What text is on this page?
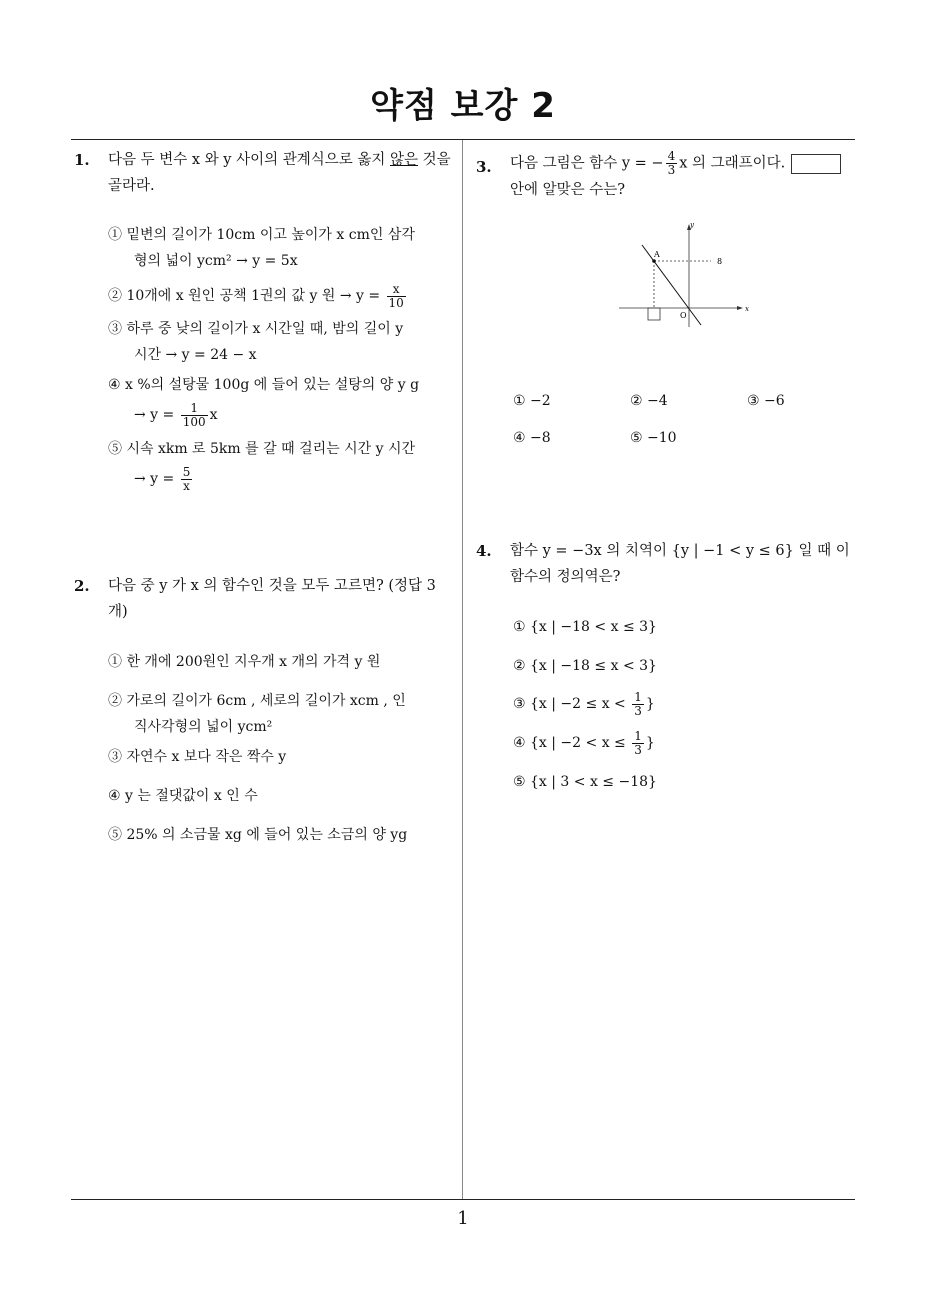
약점 보강 2
1. 다음 두 변수 x 와 y 사이의 관계식으로 옳지 않은 것을
골라라.
① 밑변의 길이가 10cm 이고 높이가 x cm인 삼각
형의 넓이 ycm² → y = 5x
② 10개에 x 원인 공책 1권의 값 y 원 → $y = \frac{x}{10}$
③ 하루 중 낮의 길이가 x 시간일 때, 밤의 길이 y
시간 → y = 24 − x
④ x %의 설탕물 100g 에 들어 있는 설탕의 양 y g
→ $y = \frac{1}{100}$ x
⑤ 시속 xkm 로 5km 를 갈 때 걸리는 시간 y 시간
→ $y = \frac{5}{x}$
2. 다음 중 y 가 x 의 함수인 것을 모두 고르면? (정답 3
개)
① 한 개에 200원인 지우개 x 개의 가격 y 원
② 가로의 길이가 6cm , 세로의 길이가 xcm , 인
직사각형의 넓이 ycm²
③ 자연수 x 보다 작은 짝수 y
④ y 는 절댓값이 x 인 수
⑤ 25% 의 소금물 xg 에 들어 있는 소금의 양 yg
3. 다음 그림은 함수 y = − $\frac{4}{3}$ x 의 그래프이다.
안에 알맞은 수는?
y
x
A
8
O
① −2	② −4	③ −6
④ −8	⑤ −10
4. 함수 y = −3x 의 치역이 {y | −1 < y ≤ 6} 일 때 이
함수의 정의역은?
① {x | −18 < x ≤ 3}
② {x | −18 ≤ x < 3}
③ {x | $-2 \le x < \frac{1}{3}$ }
④ {x | $-2 < x \le \frac{1}{3}$ }
⑤ {x | 3 < x ≤ −18}
1
